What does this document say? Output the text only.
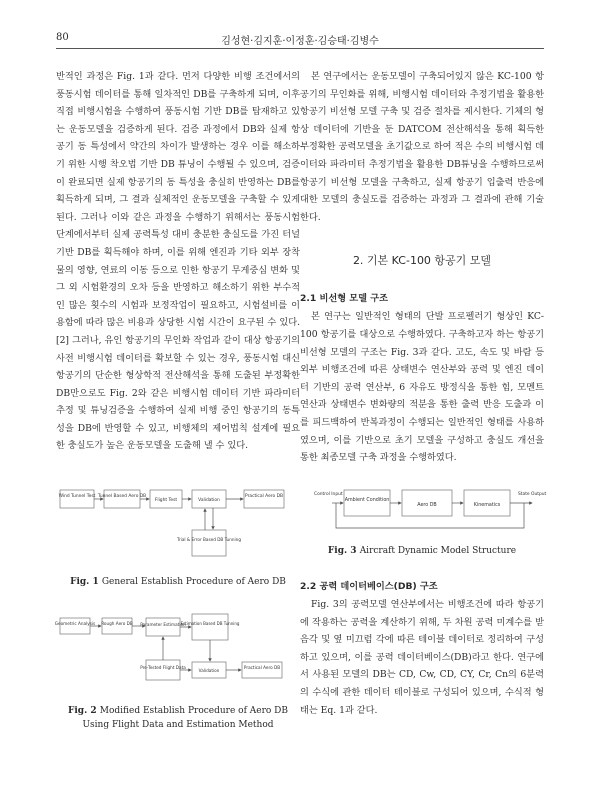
80	김성현·김지훈·이정훈·김승태·김병수

반적인 과정은 Fig. 1과 같다. 먼저 다양한 비행 조건에서의 풍동시험 데이터를 통해 일차적인 DB를 구축하게 되며, 이후 직접 비행시험을 수행하여 풍동시험 기반 DB를 탑재하고 있는 운동모델을 검증하게 된다. 검증 과정에서 DB와 실제 항공기 동 특성에서 약간의 차이가 발생하는 경우 이를 해소하기 위한 시행 착오법 기반 DB 튜닝이 수행될 수 있으며, 검증이 완료되면 실제 항공기의 동 특성을 충실히 반영하는 DB를 획득하게 되며, 그 결과 실체적인 운동모델을 구축할 수 있게 된다. 그러나 이와 같은 과정을 수행하기 위해서는 풍동시험 단계에서부터 실제 공력특성 대비 충분한 충실도를 가진 터널 기반 DB를 획득해야 하며, 이를 위해 엔진과 기타 외부 장착물의 영향, 연료의 이동 등으로 인한 항공기 무게중심 변화 및 그 외 시험환경의 오차 등을 반영하고 해소하기 위한 부수적인 많은 횟수의 시험과 보정작업이 필요하고, 시험설비를 이용함에 따라 많은 비용과 상당한 시험 시간이 요구된 수 있다.[2] 그러나, 유인 항공기의 무인화 작업과 같이 대상 항공기의 사전 비행시험 데이터를 확보할 수 있는 경우, 풍동시험 대신 항공기의 단순한 형상학적 전산해석을 통해 도출된 부정확한 DB만으로도 Fig. 2와 같은 비행시험 데이터 기반 파라미터 추정 및 튜닝검증을 수행하여 실제 비행 중인 항공기의 동특성을 DB에 반영할 수 있고, 비행체의 제어법칙 설계에 필요한 충실도가 높은 운동모델을 도출해 낼 수 있다.

Wind Tunnel Test Tunnel Based Aero DB
Flight Test	Validation
Practical Aero DB
Trial & Error Based DB Tunning
Fig. 1 General Establish Procedure of Aero DB
Geometric Analysis Rough Aero DB Parameter Estimation
Estimation Based DB Tunning
Pre-Tested Flight Data
Validation
Practical Aero DB
Fig. 2 Modified Establish Procedure of Aero DB
Using Flight Data and Estimation Method

본 연구에서는 운동모델이 구축되어있지 않은 KC-100 항공기의 무인화를 위해, 비행시험 데이터와 추정기법을 활용한 항공기 비선형 모델 구축 및 검증 절차를 제시한다. 기체의 형상 데이터에 기반을 둔 DATCOM 전산해석을 통해 획득한 부정확한 공력모델을 초기값으로 하여 적은 수의 비행시험 데이터와 파라미터 추정기법을 활용한 DB튜닝을 수행하므로써 항공기 비선형 모델을 구축하고, 실제 항공기 입출력 반응에 대한 모델의 충실도를 검증하는 과정과 그 결과에 관해 기술한다.

2. 기본 KC-100 항공기 모델
2.1 비선형 모델 구조

본 연구는 일반적인 형태의 단발 프로펠러기 형상인 KC-100 항공기를 대상으로 수행하였다. 구축하고자 하는 항공기 비선형 모델의 구조는 Fig. 3과 같다. 고도, 속도 및 바람 등 외부 비행조건에 따른 상태변수 연산부와 공력 및 엔진 데이터 기반의 공력 연산부, 6 자유도 방정식을 통한 힘, 모멘트 연산과 상태변수 변화량의 적분을 통한 출력 반응 도출과 이를 피드백하여 반복과정이 수행되는 일반적인 형태를 사용하였으며, 이를 기반으로 초기 모델을 구성하고 충실도 개선을 통한 최종모델 구축 과정을 수행하였다.

Control Input
Ambient Condition
Aero DB	Kinematics
State Output
Fig. 3 Aircraft Dynamic Model Structure
2.2 공력 데이터베이스(DB) 구조

Fig. 3의 공력모델 연산부에서는 비행조건에 따라 항공기에 작용하는 공력을 계산하기 위해, 두 차원 공력 미계수를 받음각 및 옆 미끄럼 각에 따른 테이블 데이터로 정리하여 구성하고 있으며, 이를 공력 데이터베이스(DB)라고 한다. 연구에서 사용된 모델의 DB는 CD, Cw, CD, CY, Cr, Cn의 6분력의 수식에 관한 데이터 테이블로 구성되어 있으며, 수식적 형태는 Eq. 1과 같다.
